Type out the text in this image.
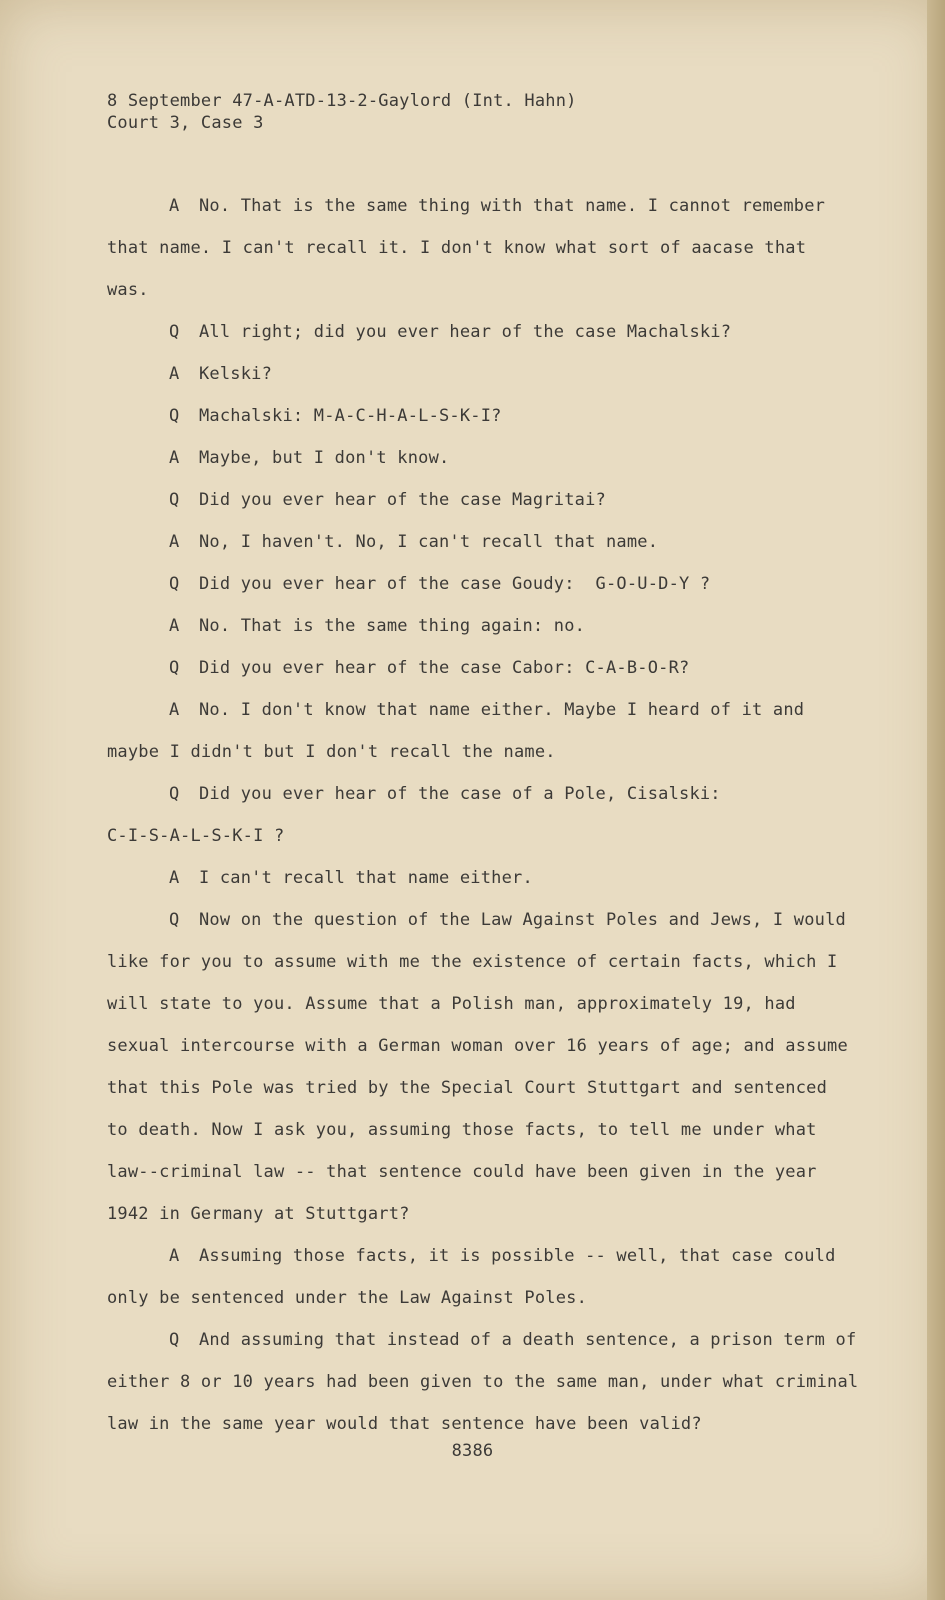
8 September 47-A-ATD-13-2-Gaylord (Int. Hahn)
Court 3, Case 3
A No. That is the same thing with that name. I cannot remember
that name. I can't recall it. I don't know what sort of aacase that
was.
Q All right; did you ever hear of the case Machalski?
A Kelski?
Q Machalski: M-A-C-H-A-L-S-K-I?
A Maybe, but I don't know.
Q Did you ever hear of the case Magritai?
A No, I haven't. No, I can't recall that name.
Q Did you ever hear of the case Goudy:  G-O-U-D-Y ?
A No. That is the same thing again: no.
Q Did you ever hear of the case Cabor: C-A-B-O-R?
A No. I don't know that name either. Maybe I heard of it and
maybe I didn't but I don't recall the name.
Q Did you ever hear of the case of a Pole, Cisalski:
C-I-S-A-L-S-K-I ?
A I can't recall that name either.
Q Now on the question of the Law Against Poles and Jews, I would
like for you to assume with me the existence of certain facts, which I
will state to you. Assume that a Polish man, approximately 19, had
sexual intercourse with a German woman over 16 years of age; and assume
that this Pole was tried by the Special Court Stuttgart and sentenced
to death. Now I ask you, assuming those facts, to tell me under what
law--criminal law -- that sentence could have been given in the year
1942 in Germany at Stuttgart?
A Assuming those facts, it is possible -- well, that case could
only be sentenced under the Law Against Poles.
Q And assuming that instead of a death sentence, a prison term of
either 8 or 10 years had been given to the same man, under what criminal
law in the same year would that sentence have been valid?
8386
